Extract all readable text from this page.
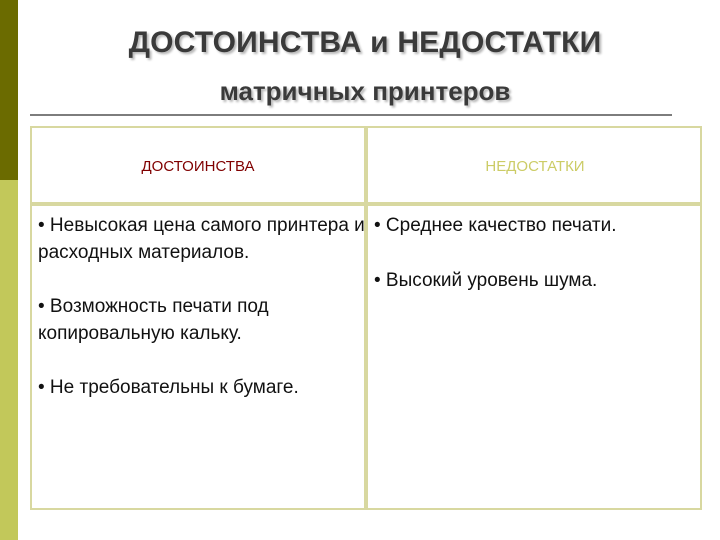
ДОСТОИНСТВА и НЕДОСТАТКИ
матричных принтеров
ДОСТОИНСТВА	НЕДОСТАТКИ
• Невысокая цена самого принтера и расходных материалов.
• Возможность печати под копировальную кальку.
• Не требовательны к бумаге.
• Среднее качество печати.
• Высокий уровень шума.
